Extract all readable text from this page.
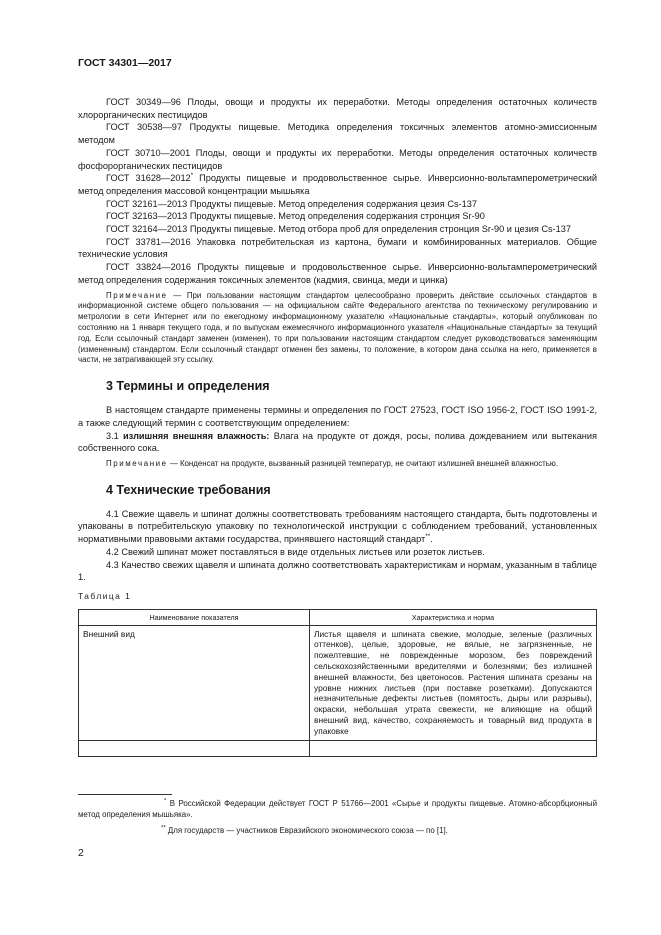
ГОСТ 34301—2017

ГОСТ 30349—96 Плоды, овощи и продукты их переработки. Методы определения остаточных количеств хлорорганических пестицидов

ГОСТ 30538—97 Продукты пищевые. Методика определения токсичных элементов атомно-эмиссионным методом

ГОСТ 30710—2001 Плоды, овощи и продукты их переработки. Методы определения остаточных количеств фосфорорганических пестицидов

ГОСТ 31628—2012* Продукты пищевые и продовольственное сырье. Инверсионно-вольтамперометрический метод определения массовой концентрации мышьяка

ГОСТ 32161—2013 Продукты пищевые. Метод определения содержания цезия Cs-137

ГОСТ 32163—2013 Продукты пищевые. Метод определения содержания стронция Sr-90

ГОСТ 32164—2013 Продукты пищевые. Метод отбора проб для определения стронция Sr-90 и цезия Cs-137

ГОСТ 33781—2016 Упаковка потребительская из картона, бумаги и комбинированных материалов. Общие технические условия

ГОСТ 33824—2016 Продукты пищевые и продовольственное сырье. Инверсионно-вольтамперометрический метод определения содержания токсичных элементов (кадмия, свинца, меди и цинка)

Примечание — При пользовании настоящим стандартом целесообразно проверить действие ссылочных стандартов в информационной системе общего пользования — на официальном сайте Федерального агентства по техническому регулированию и метрологии в сети Интернет или по ежегодному информационному указателю «Национальные стандарты», который опубликован по состоянию на 1 января текущего года, и по выпускам ежемесячного информационного указателя «Национальные стандарты» за текущий год. Если ссылочный стандарт заменен (изменен), то при пользовании настоящим стандартом следует руководствоваться заменяющим (измененным) стандартом. Если ссылочный стандарт отменен без замены, то положение, в котором дана ссылка на него, применяется в части, не затрагивающей эту ссылку.

3 Термины и определения

В настоящем стандарте применены термины и определения по ГОСТ 27523, ГОСТ ISO 1956-2, ГОСТ ISO 1991-2, а также следующий термин с соответствующим определением:

3.1 излишняя внешняя влажность: Влага на продукте от дождя, росы, полива дождеванием или вытекания собственного сока.

Примечание — Конденсат на продукте, вызванный разницей температур, не считают излишней внешней влажностью.

4 Технические требования

4.1 Свежие щавель и шпинат должны соответствовать требованиям настоящего стандарта, быть подготовлены и упакованы в потребительскую упаковку по технологической инструкции с соблюдением требований, установленных нормативными правовыми актами государства, принявшего настоящий стандарт**.

4.2 Свежий шпинат может поставляться в виде отдельных листьев или розеток листьев.

4.3 Качество свежих щавеля и шпината должно соответствовать характеристикам и нормам, указанным в таблице 1.

Таблица 1

Наименование показателя	Характеристика и норма
Внешний вид	Листья щавеля и шпината свежие, молодые, зеленые (различных оттенков), целые, здоровые, не вялые, не загрязненные, не пожелтевшие, не поврежденные морозом, без повреждений сельскохозяйственными вредителями и болезнями; без излишней внешней влажности, без цветоносов. Растения шпината срезаны на уровне нижних листьев (при поставке розетками). Допускаются незначительные дефекты листьев (помятость, дыры или разрывы), окраски, небольшая утрата свежести, не влияющие на общий внешний вид, качество, сохраняемость и товарный вид продукта в упаковке

* В Российской Федерации действует ГОСТ Р 51766—2001 «Сырье и продукты пищевые. Атомно-абсорбционный метод определения мышьяка».
** Для государств — участников Евразийского экономического союза — по [1].
2
